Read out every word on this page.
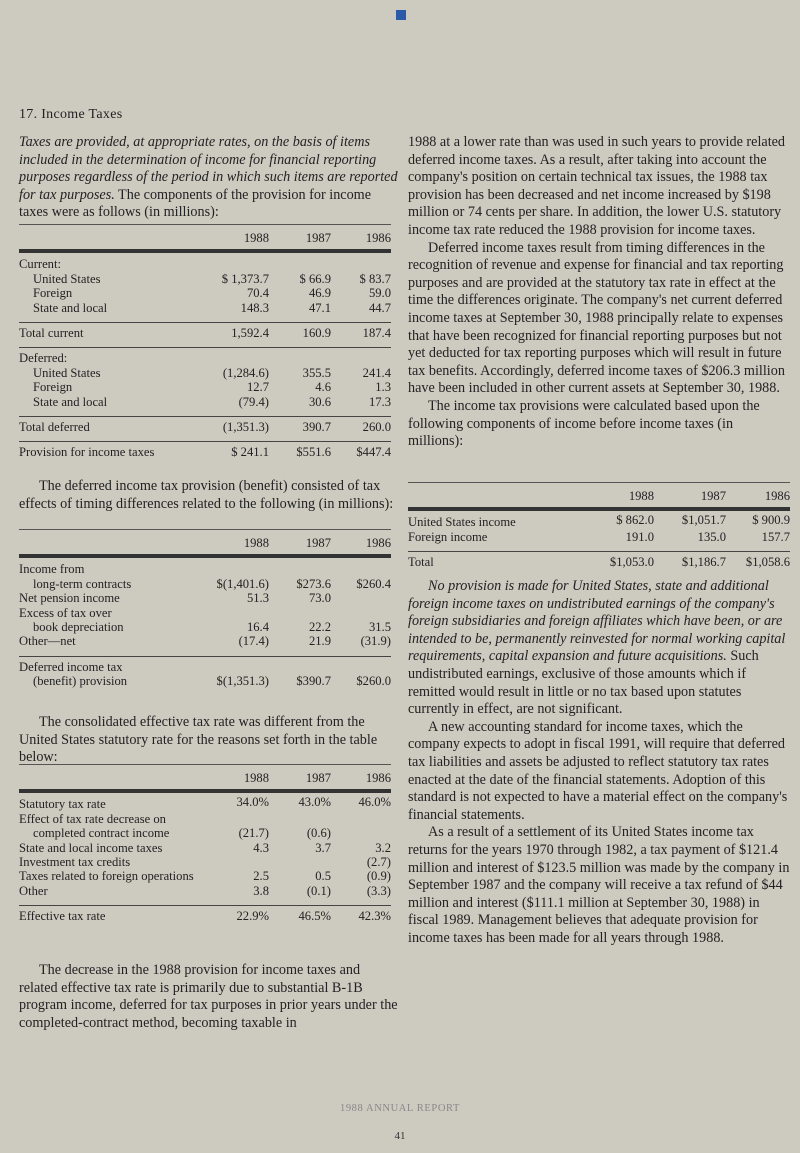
17. Income Taxes

Taxes are provided, at appropriate rates, on the basis of items included in the determination of income for financial reporting purposes regardless of the period in which such items are reported for tax purposes. The components of the provision for income taxes were as follows (in millions):

	1988	1987	1986
Current:			
United States	$ 1,373.7	$ 66.9	$ 83.7
Foreign	70.4	46.9	59.0
State and local	148.3	47.1	44.7

Total current	1,592.4	160.9	187.4

Deferred:			
United States	(1,284.6)	355.5	241.4
Foreign	12.7	4.6	1.3
State and local	(79.4)	30.6	17.3

Total deferred	(1,351.3)	390.7	260.0

Provision for income taxes	$ 241.1	$551.6	$447.4

The deferred income tax provision (benefit) consisted of tax effects of timing differences related to the following (in millions):

	1988	1987	1986
Income from			
long-term contracts	$(1,401.6)	$273.6	$260.4
Net pension income	51.3	73.0	
Excess of tax over			
book depreciation	16.4	22.2	31.5
Other—net	(17.4)	21.9	(31.9)

Deferred income tax			
(benefit) provision	$(1,351.3)	$390.7	$260.0

The consolidated effective tax rate was different from the United States statutory rate for the reasons set forth in the table below:

	1988	1987	1986
Statutory tax rate	34.0%	43.0%	46.0%
Effect of tax rate decrease on			
completed contract income	(21.7)	(0.6)	
State and local income taxes	4.3	3.7	3.2
Investment tax credits			(2.7)
Taxes related to foreign operations	2.5	0.5	(0.9)
Other	3.8	(0.1)	(3.3)

Effective tax rate	22.9%	46.5%	42.3%

The decrease in the 1988 provision for income taxes and related effective tax rate is primarily due to substantial B-1B program income, deferred for tax purposes in prior years under the completed-contract method, becoming taxable in

1988 at a lower rate than was used in such years to provide related deferred income taxes. As a result, after taking into account the company's position on certain technical tax issues, the 1988 tax provision has been decreased and net income increased by $198 million or 74 cents per share. In addition, the lower U.S. statutory income tax rate reduced the 1988 provision for income taxes.

Deferred income taxes result from timing differences in the recognition of revenue and expense for financial and tax reporting purposes and are provided at the statutory tax rate in effect at the time the differences originate. The company's net current deferred income taxes at September 30, 1988 principally relate to expenses that have been recognized for financial reporting purposes but not yet deducted for tax reporting purposes which will result in future tax benefits. Accordingly, deferred income taxes of $206.3 million have been included in other current assets at September 30, 1988.

The income tax provisions were calculated based upon the following components of income before income taxes (in millions):

	1988	1987	1986
United States income	$ 862.0	$1,051.7	$ 900.9
Foreign income	191.0	135.0	157.7

Total	$1,053.0	$1,186.7	$1,058.6

No provision is made for United States, state and additional foreign income taxes on undistributed earnings of the company's foreign subsidiaries and foreign affiliates which have been, or are intended to be, permanently reinvested for normal working capital requirements, capital expansion and future acquisitions. Such undistributed earnings, exclusive of those amounts which if remitted would result in little or no tax based upon statutes currently in effect, are not significant.

A new accounting standard for income taxes, which the company expects to adopt in fiscal 1991, will require that deferred tax liabilities and assets be adjusted to reflect statutory tax rates enacted at the date of the financial statements. Adoption of this standard is not expected to have a material effect on the company's financial statements.

As a result of a settlement of its United States income tax returns for the years 1970 through 1982, a tax payment of $121.4 million and interest of $123.5 million was made by the company in September 1987 and the company will receive a tax refund of $44 million and interest ($111.1 million at September 30, 1988) in fiscal 1989. Management believes that adequate provision for income taxes has been made for all years through 1988.

1988 ANNUAL REPORT
41
